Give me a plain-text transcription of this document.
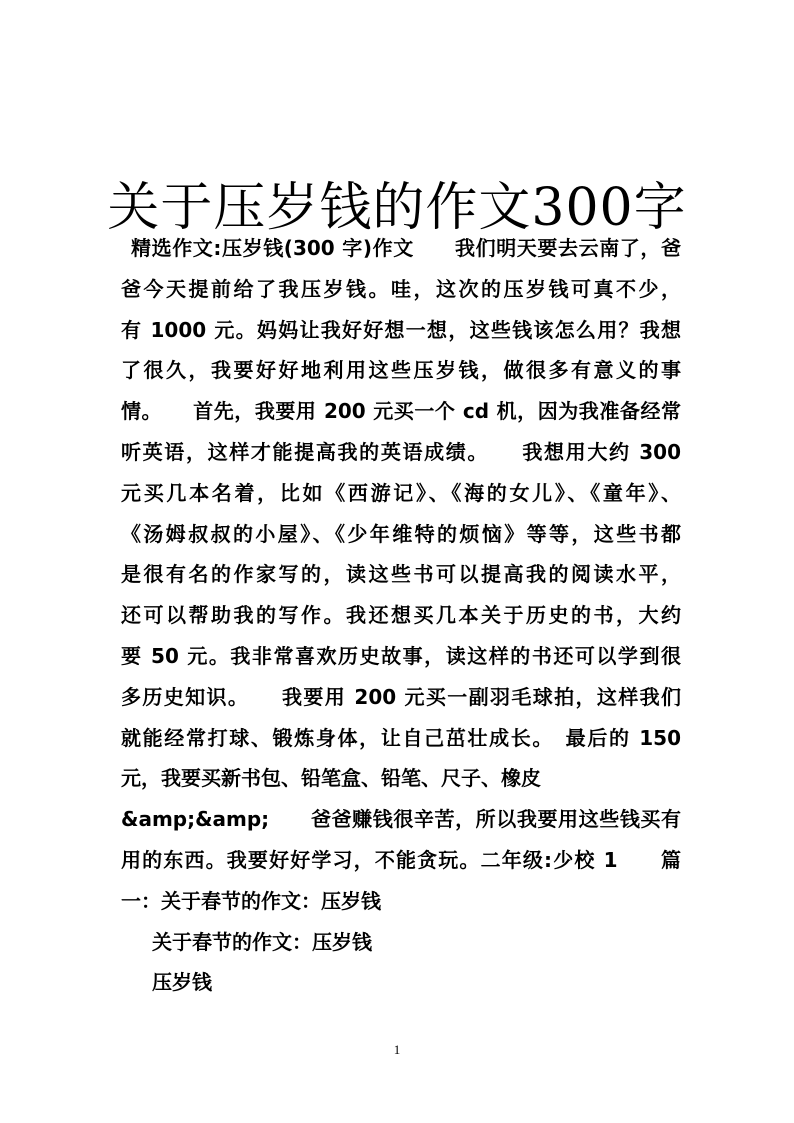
关于压岁钱的作文300字
精选作文:压岁钱(300 字)作文　　我们明天要去云南了，爸
爸今天提前给了我压岁钱。哇，这次的压岁钱可真不少，
有 1000 元。妈妈让我好好想一想，这些钱该怎么用？我想
了很久，我要好好地利用这些压岁钱，做很多有意义的事
情。　　首先，我要用 200 元买一个 cd 机，因为我准备经常
听英语，这样才能提高我的英语成绩。　　我想用大约 300
元买几本名着，比如《西游记》、《海的女儿》、《童年》、
《汤姆叔叔的小屋》、《少年维特的烦恼》等等，这些书都
是很有名的作家写的，读这些书可以提高我的阅读水平，
还可以帮助我的写作。我还想买几本关于历史的书，大约
要 50 元。我非常喜欢历史故事，读这样的书还可以学到很
多历史知识。　　我要用 200 元买一副羽毛球拍，这样我们
就能经常打球、锻炼身体，让自己茁壮成长。　最后的 150
元，我要买新书包、铅笔盒、铅笔、尺子、橡皮
&amp;&amp;　　爸爸赚钱很辛苦，所以我要用这些钱买有
用的东西。我要好好学习，不能贪玩。二年级:少校 1　　篇
一：关于春节的作文：压岁钱
关于春节的作文：压岁钱
压岁钱
1
